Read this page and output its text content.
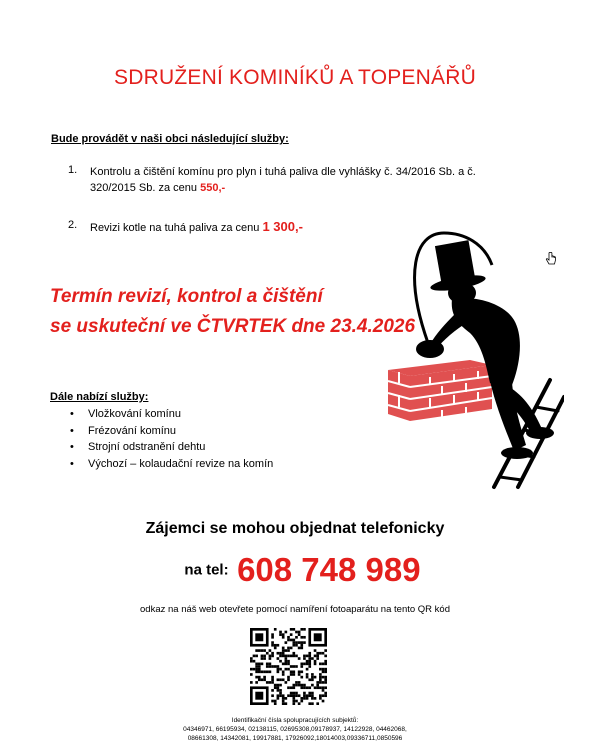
SDRUŽENÍ KOMINÍKŮ A TOPENÁŘŮ
Bude provádět v naši obci následující služby:
1. Kontrolu a čištění komínu pro plyn i tuhá paliva dle vyhlášky č. 34/2016 Sb. a č.
320/2015 Sb. za cenu 550,-
2. Revizi kotle na tuhá paliva za cenu 1 300,-
Termín revizí, kontrol a čištění
se uskuteční ve ČTVRTEK dne 23.4.2026
Dále nabízí služby:
• Vložkování komínu
• Frézování komínu
• Strojní odstranění dehtu
• Výchozí – kolaudační revize na komín
Zájemci se mohou objednat telefonicky
na tel: 608 748 989
odkaz na náš web otevřete pomocí namíření fotoaparátu na tento QR kód
Identifikační čísla spolupracujících subjektů:
04346971, 66195934, 02138115, 02695308,09178937, 14122928, 04462068,
08661308, 14342081, 19917881, 17926092,18014003,09336711,0850596
